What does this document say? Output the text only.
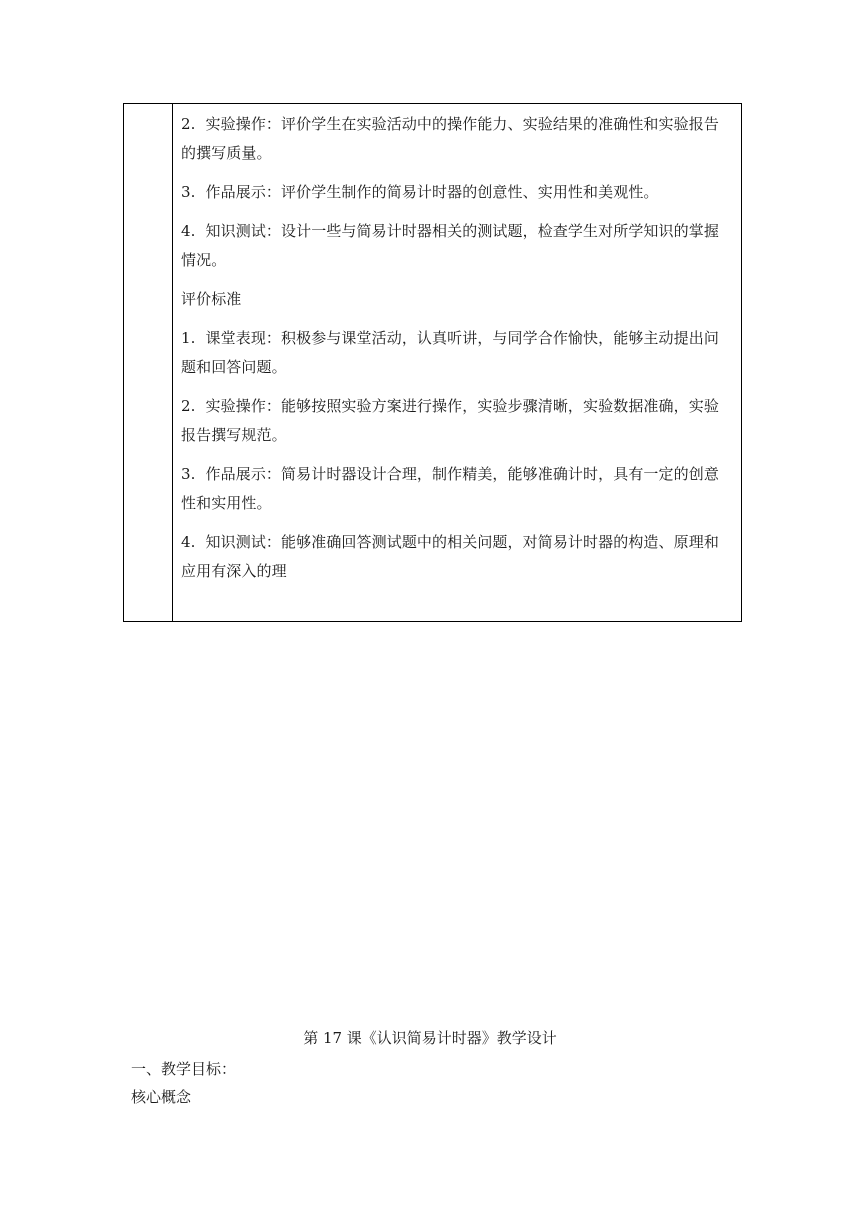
2. 实验操作：评价学生在实验活动中的操作能力、实验结果的准确性和实验报告的撰写质量。

3. 作品展示：评价学生制作的简易计时器的创意性、实用性和美观性。

4. 知识测试：设计一些与简易计时器相关的测试题，检查学生对所学知识的掌握情况。

评价标准

1. 课堂表现：积极参与课堂活动，认真听讲，与同学合作愉快，能够主动提出问题和回答问题。

2. 实验操作：能够按照实验方案进行操作，实验步骤清晰，实验数据准确，实验报告撰写规范。

3. 作品展示：简易计时器设计合理，制作精美，能够准确计时，具有一定的创意性和实用性。

4. 知识测试：能够准确回答测试题中的相关问题，对简易计时器的构造、原理和应用有深入的理

第 17 课《认识简易计时器》教学设计

一、教学目标：

核心概念
